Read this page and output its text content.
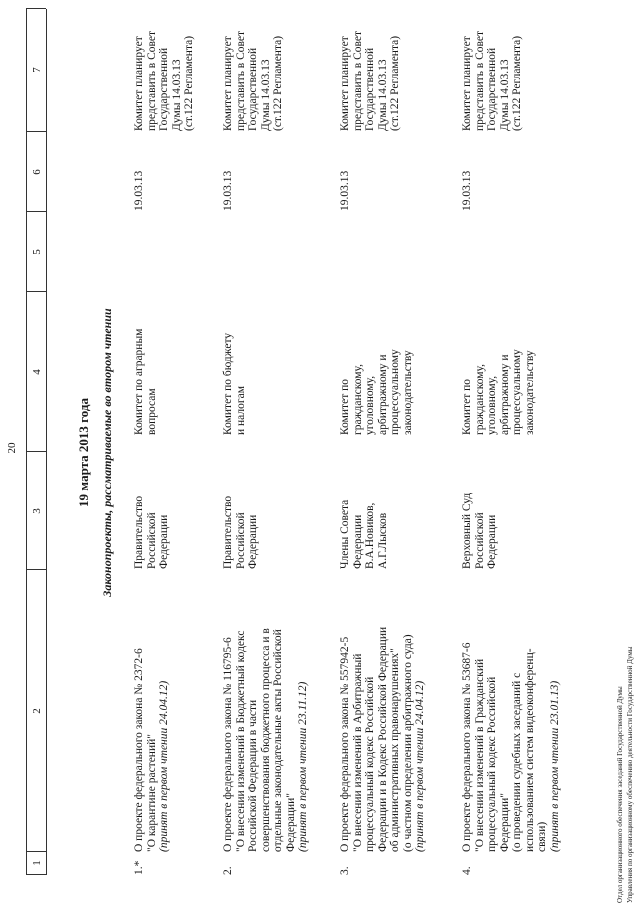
20
1
2
3
4
5
6
7
19 марта 2013 года Законопроекты, рассматриваемые во втором чтении
1.*
О проекте федерального закона № 2372-6
"О карантине растений" (принят в первом чтении 24.04.12)
Правительство
Российской
Федерации
Комитет по аграрным
вопросам
19.03.13
Комитет планирует
представить в Совет
Государственной
Думы 14.03.13
(ст.122 Регламента)
2.
О проекте федерального закона № 116795-6
"О внесении изменений в Бюджетный кодекс
Российской Федерации в части
совершенствования бюджетного процесса и в
отдельные законодательные акты Российской
Федерации" (принят в первом чтении 23.11.12)
Правительство
Российской
Федерации
Комитет по бюджету
и налогам
19.03.13
Комитет планирует
представить в Совет
Государственной
Думы 14.03.13
(ст.122 Регламента)
3.
О проекте федерального закона № 557942-5
"О внесении изменений в Арбитражный
процессуальный кодекс Российской
Федерации и в Кодекс Российской Федерации
об административных правонарушениях"
(о частном определении арбитражного суда)
(принят в первом чтении 24.04.12)
Члены Совета
Федерации
В.А.Новиков,
А.Г.Лысков
Комитет по
гражданскому,
уголовному,
арбитражному и
процессуальному
законодательству
19.03.13
Комитет планирует
представить в Совет
Государственной
Думы 14.03.13
(ст.122 Регламента)
4.
О проекте федерального закона № 53687-6
"О внесении изменений в Гражданский
процессуальный кодекс Российской
Федерации"
(о проведении судебных заседаний с
использованием систем видеоконференц-
связи) (принят в первом чтении 23.01.13)
Верховный Суд
Российской
Федерации
Комитет по
гражданскому,
уголовному,
арбитражному и
процессуальному
законодательству
19.03.13
Комитет планирует
представить в Совет
Государственной
Думы 14.03.13
(ст.122 Регламента)
Отдел организационного обеспечения заседаний Государственной Думы Управления по организационному обеспечению деятельности Государственной Думы
